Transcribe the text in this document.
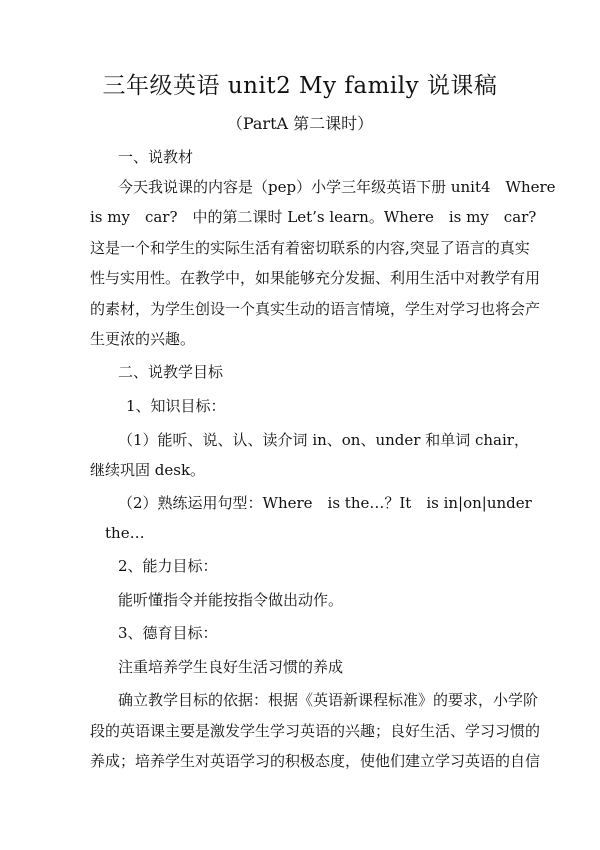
三年级英语 unit2 My family 说课稿
（PartA 第二课时）
一、说教材
今天我说课的内容是（pep）小学三年级英语下册 unit4　Where
is my　car?　中的第二课时 Let’s learn。Where　is my　car?
这是一个和学生的实际生活有着密切联系的内容,突显了语言的真实
性与实用性。在教学中，如果能够充分发掘、利用生活中对教学有用
的素材，为学生创设一个真实生动的语言情境，学生对学习也将会产
生更浓的兴趣。
二、说教学目标
1、知识目标：
（1）能听、说、认、读介词 in、on、under 和单词 chair，
继续巩固 desk。
（2）熟练运用句型：Where　is the…？It　is in|on|under
　the…
2、能力目标：
能听懂指令并能按指令做出动作。
3、德育目标：
注重培养学生良好生活习惯的养成
确立教学目标的依据：根据《英语新课程标准》的要求，小学阶
段的英语课主要是激发学生学习英语的兴趣；良好生活、学习习惯的
养成；培养学生对英语学习的积极态度，使他们建立学习英语的自信
